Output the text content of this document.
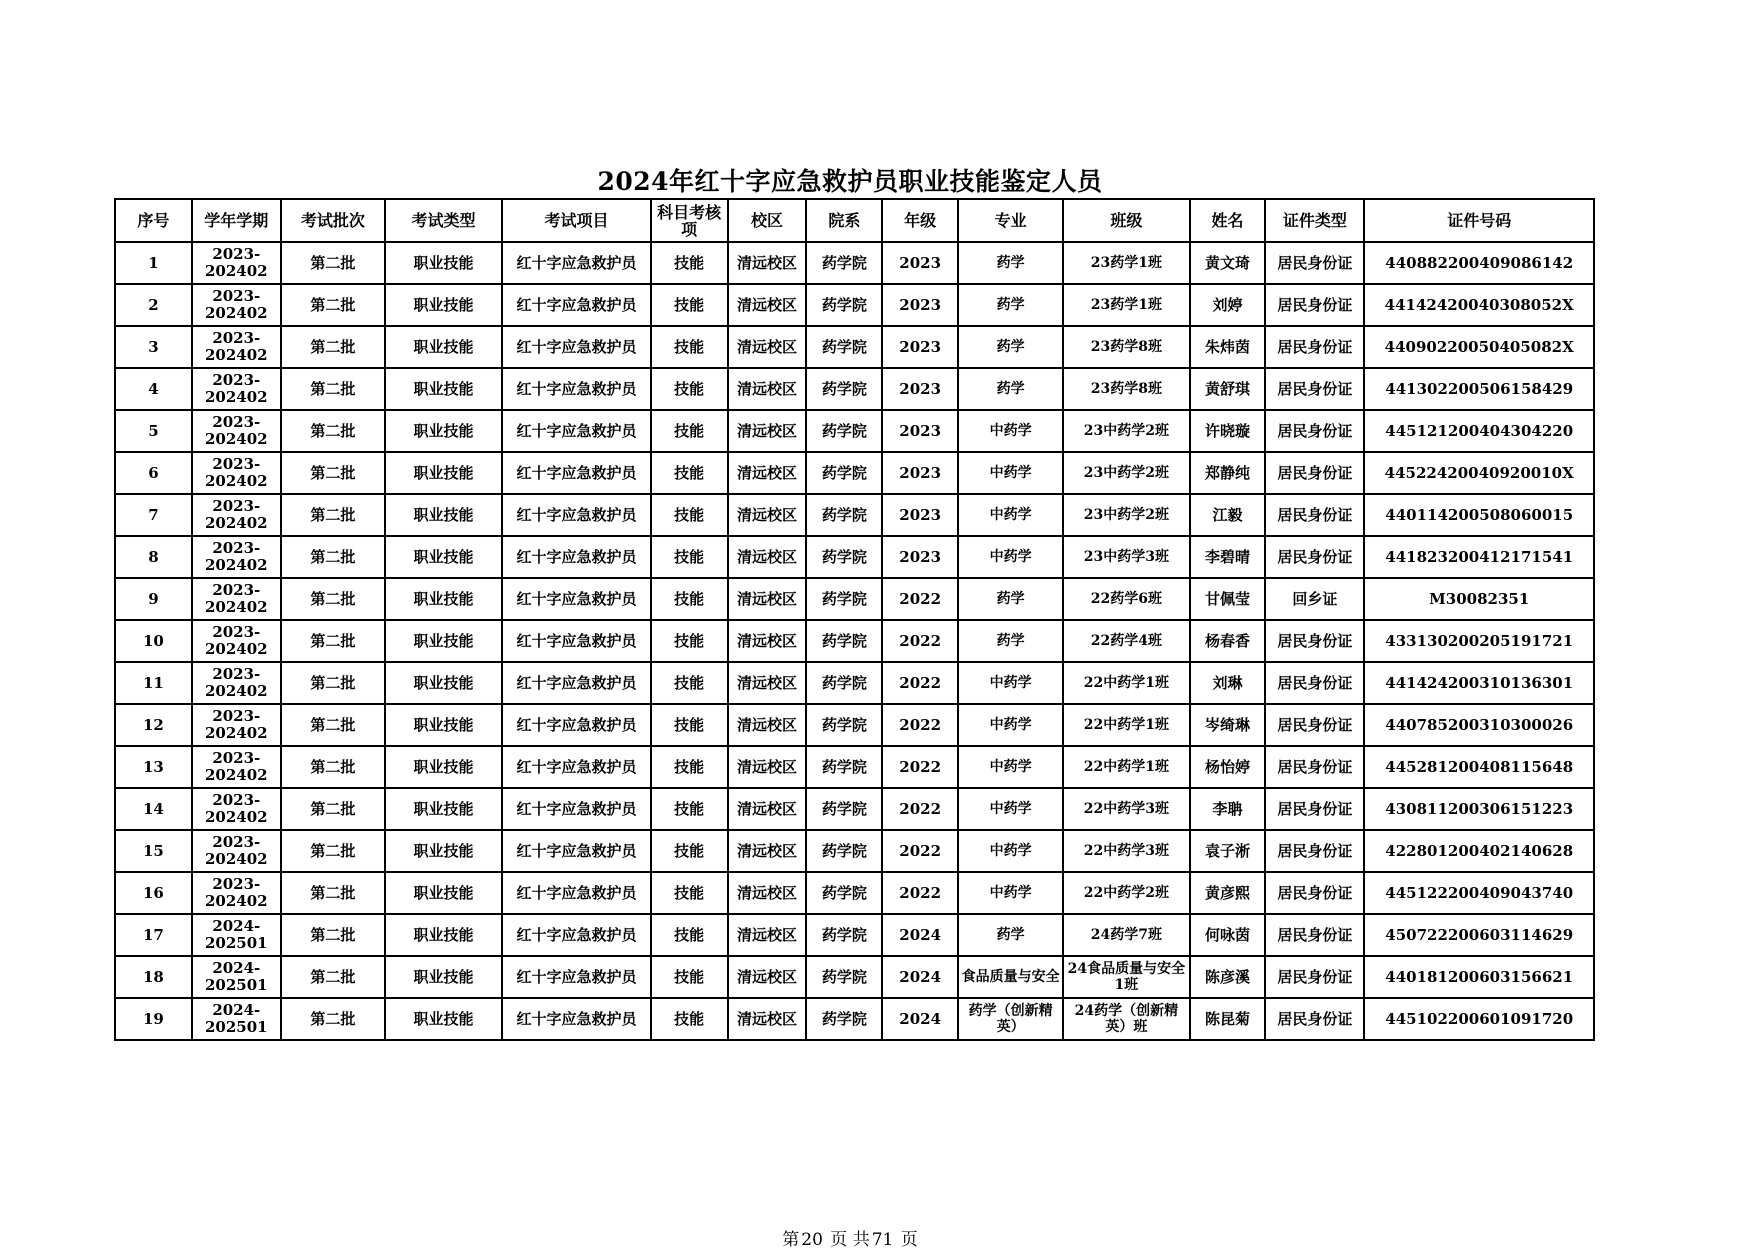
2024年红十字应急救护员职业技能鉴定人员
序号	学年学期	考试批次	考试类型	考试项目	科目考核项	校区	院系	年级	专业	班级	姓名	证件类型	证件号码
1	2023-202402	第二批	职业技能	红十字应急救护员	技能	清远校区	药学院	2023	药学	23药学1班	黄文琦	居民身份证	440882200409086142
2	2023-202402	第二批	职业技能	红十字应急救护员	技能	清远校区	药学院	2023	药学	23药学1班	刘婷	居民身份证	44142420040308052X
3	2023-202402	第二批	职业技能	红十字应急救护员	技能	清远校区	药学院	2023	药学	23药学8班	朱炜茵	居民身份证	44090220050405082X
4	2023-202402	第二批	职业技能	红十字应急救护员	技能	清远校区	药学院	2023	药学	23药学8班	黄舒琪	居民身份证	441302200506158429
5	2023-202402	第二批	职业技能	红十字应急救护员	技能	清远校区	药学院	2023	中药学	23中药学2班	许晓璇	居民身份证	445121200404304220
6	2023-202402	第二批	职业技能	红十字应急救护员	技能	清远校区	药学院	2023	中药学	23中药学2班	郑静纯	居民身份证	44522420040920010X
7	2023-202402	第二批	职业技能	红十字应急救护员	技能	清远校区	药学院	2023	中药学	23中药学2班	江毅	居民身份证	440114200508060015
8	2023-202402	第二批	职业技能	红十字应急救护员	技能	清远校区	药学院	2023	中药学	23中药学3班	李碧晴	居民身份证	441823200412171541
9	2023-202402	第二批	职业技能	红十字应急救护员	技能	清远校区	药学院	2022	药学	22药学6班	甘佩莹	回乡证	M30082351
10	2023-202402	第二批	职业技能	红十字应急救护员	技能	清远校区	药学院	2022	药学	22药学4班	杨春香	居民身份证	433130200205191721
11	2023-202402	第二批	职业技能	红十字应急救护员	技能	清远校区	药学院	2022	中药学	22中药学1班	刘琳	居民身份证	441424200310136301
12	2023-202402	第二批	职业技能	红十字应急救护员	技能	清远校区	药学院	2022	中药学	22中药学1班	岑绮琳	居民身份证	440785200310300026
13	2023-202402	第二批	职业技能	红十字应急救护员	技能	清远校区	药学院	2022	中药学	22中药学1班	杨怡婷	居民身份证	445281200408115648
14	2023-202402	第二批	职业技能	红十字应急救护员	技能	清远校区	药学院	2022	中药学	22中药学3班	李聃	居民身份证	430811200306151223
15	2023-202402	第二批	职业技能	红十字应急救护员	技能	清远校区	药学院	2022	中药学	22中药学3班	袁子淅	居民身份证	422801200402140628
16	2023-202402	第二批	职业技能	红十字应急救护员	技能	清远校区	药学院	2022	中药学	22中药学2班	黄彦熙	居民身份证	445122200409043740
17	2024-202501	第二批	职业技能	红十字应急救护员	技能	清远校区	药学院	2024	药学	24药学7班	何咏茵	居民身份证	450722200603114629
18	2024-202501	第二批	职业技能	红十字应急救护员	技能	清远校区	药学院	2024	食品质量与安全	24食品质量与安全1班	陈彦溪	居民身份证	440181200603156621
19	2024-202501	第二批	职业技能	红十字应急救护员	技能	清远校区	药学院	2024	药学（创新精英）	24药学（创新精英）班	陈昆菊	居民身份证	445102200601091720
第 20 页 共 71 页
